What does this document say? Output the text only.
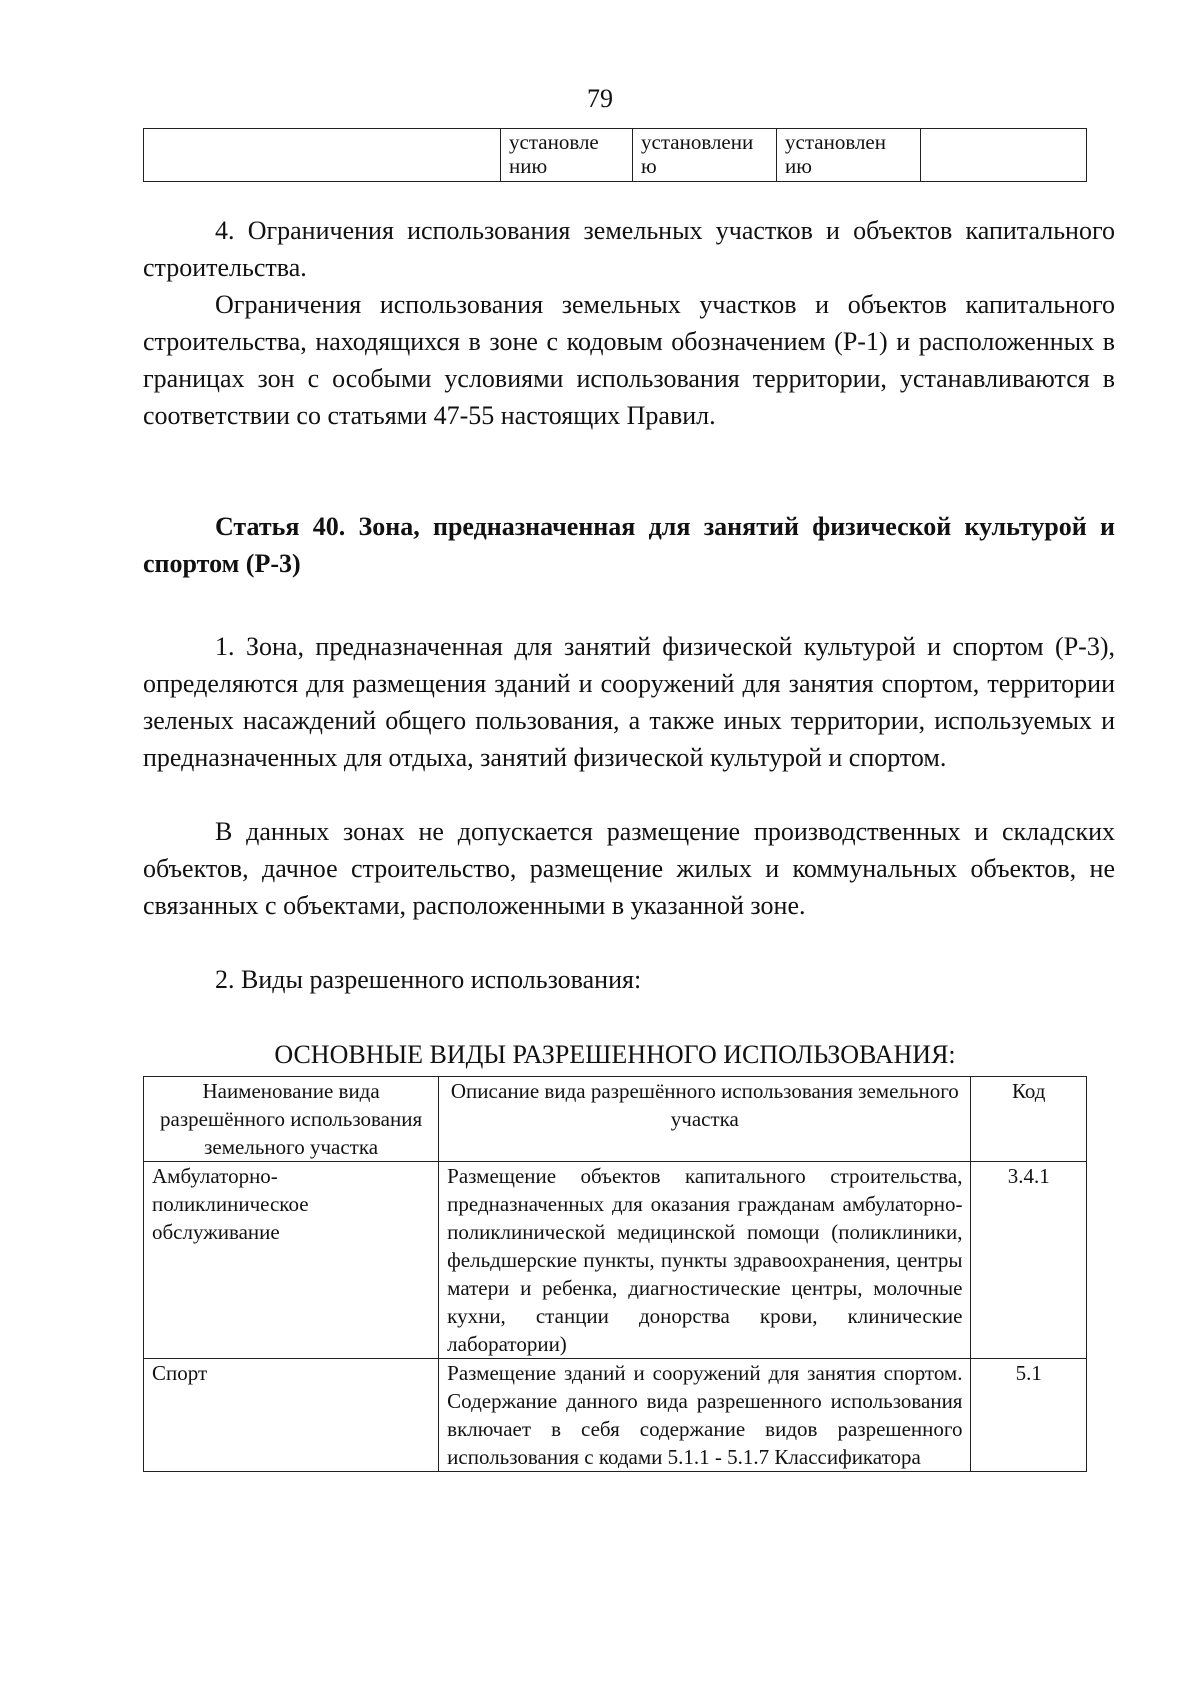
79
	установле нию	установлени ю	установлен ию	

4. Ограничения использования земельных участков и объектов капитального строительства.

Ограничения использования земельных участков и объектов капитального строительства, находящихся в зоне с кодовым обозначением (Р-1) и расположенных в границах зон с особыми условиями использования территории, устанавливаются в соответствии со статьями 47-55 настоящих Правил.

Статья 40. Зона, предназначенная для занятий физической культурой и спортом (Р-3)

1. Зона, предназначенная для занятий физической культурой и спортом (Р-3), определяются для размещения зданий и сооружений для занятия спортом, территории зеленых насаждений общего пользования, а также иных территории, используемых и предназначенных для отдыха, занятий физической культурой и спортом.

В данных зонах не допускается размещение производственных и складских объектов, дачное строительство, размещение жилых и коммунальных объектов, не связанных с объектами, расположенными в указанной зоне.

2. Виды разрешенного использования:

ОСНОВНЫЕ ВИДЫ РАЗРЕШЕННОГО ИСПОЛЬЗОВАНИЯ:
Наименование вида разрешённого использования земельного участка	Описание вида разрешённого использования земельного участка	Код
Амбулаторно-поликлиническое обслуживание	Размещение объектов капитального строительства, предназначенных для оказания гражданам амбулаторно-поликлинической медицинской помощи (поликлиники, фельдшерские пункты, пункты здравоохранения, центры матери и ребенка, диагностические центры, молочные кухни, станции донорства крови, клинические лаборатории)	3.4.1
Спорт	Размещение зданий и сооружений для занятия спортом. Содержание данного вида разрешенного использования включает в себя содержание видов разрешенного использования с кодами 5.1.1 - 5.1.7 Классификатора	5.1
